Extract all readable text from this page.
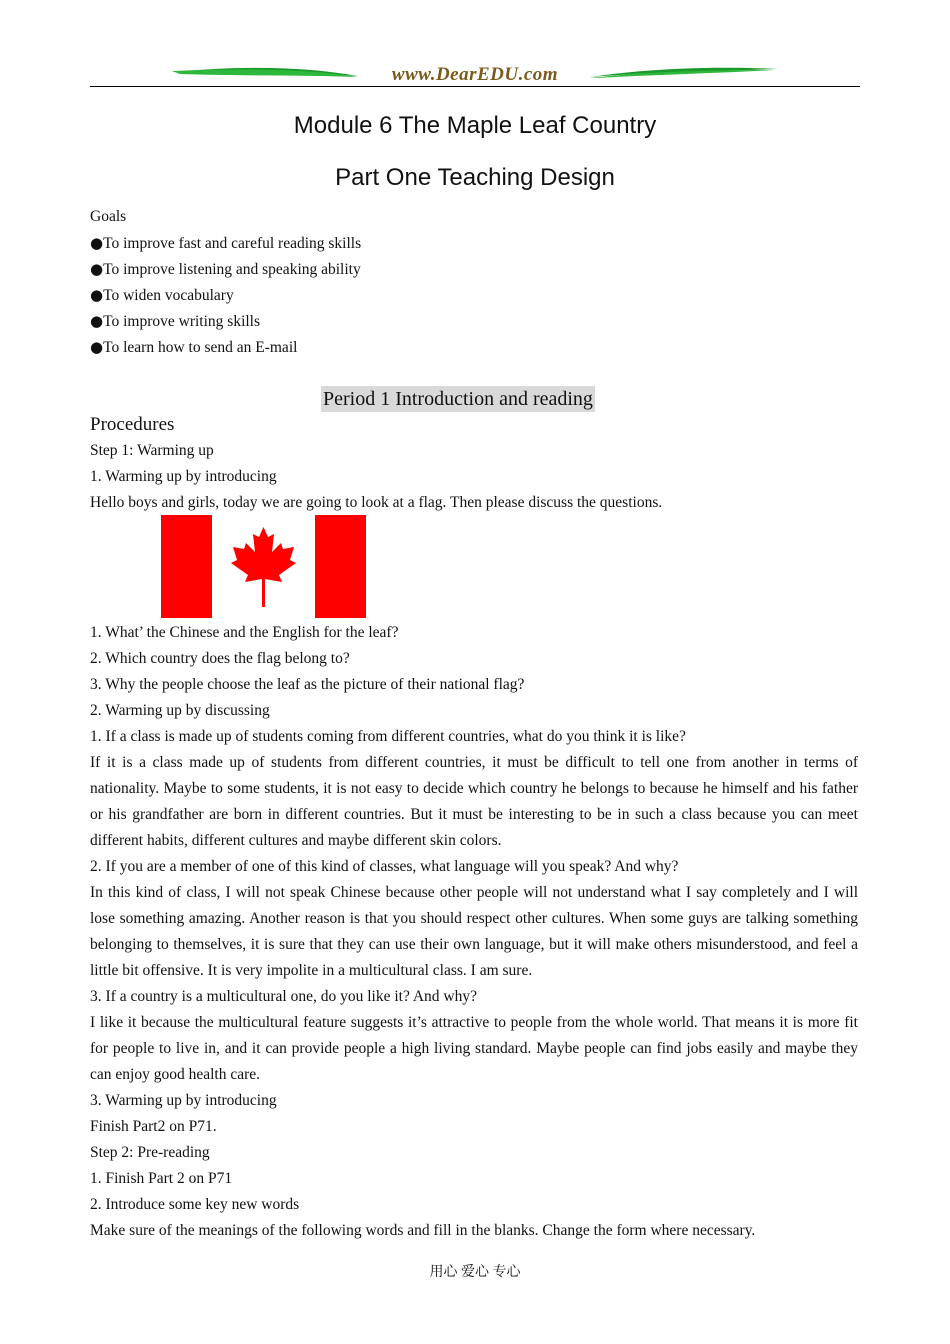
www.DearEDU.com
Module 6 The Maple Leaf Country
Part One Teaching Design
Goals
●To improve fast and careful reading skills
●To improve listening and speaking ability
●To widen vocabulary
●To improve writing skills
●To learn how to send an E-mail
Period 1 Introduction and reading
Procedures
Step 1: Warming up
1. Warming up by introducing
Hello boys and girls, today we are going to look at a flag. Then please discuss the questions.
1. What’ the Chinese and the English for the leaf?
2. Which country does the flag belong to?
3. Why the people choose the leaf as the picture of their national flag?
2. Warming up by discussing
1. If a class is made up of students coming from different countries, what do you think it is like?

If it is a class made up of students from different countries, it must be difficult to tell one from another in terms of nationality. Maybe to some students, it is not easy to decide which country he belongs to because he himself and his father or his grandfather are born in different countries. But it must be interesting to be in such a class because you can meet different habits, different cultures and maybe different skin colors.

2. If you are a member of one of this kind of classes, what language will you speak? And why?

In this kind of class, I will not speak Chinese because other people will not understand what I say completely and I will lose something amazing. Another reason is that you should respect other cultures. When some guys are talking something belonging to themselves, it is sure that they can use their own language, but it will make others misunderstood, and feel a little bit offensive. It is very impolite in a multicultural class. I am sure.

3. If a country is a multicultural one, do you like it? And why?

I like it because the multicultural feature suggests it’s attractive to people from the whole world. That means it is more fit for people to live in, and it can provide people a high living standard. Maybe people can find jobs easily and maybe they can enjoy good health care.

3. Warming up by introducing
Finish Part2 on P71.
Step 2: Pre-reading
1. Finish Part 2 on P71
2. Introduce some key new words
Make sure of the meanings of the following words and fill in the blanks. Change the form where necessary.
用心 爱心 专心
